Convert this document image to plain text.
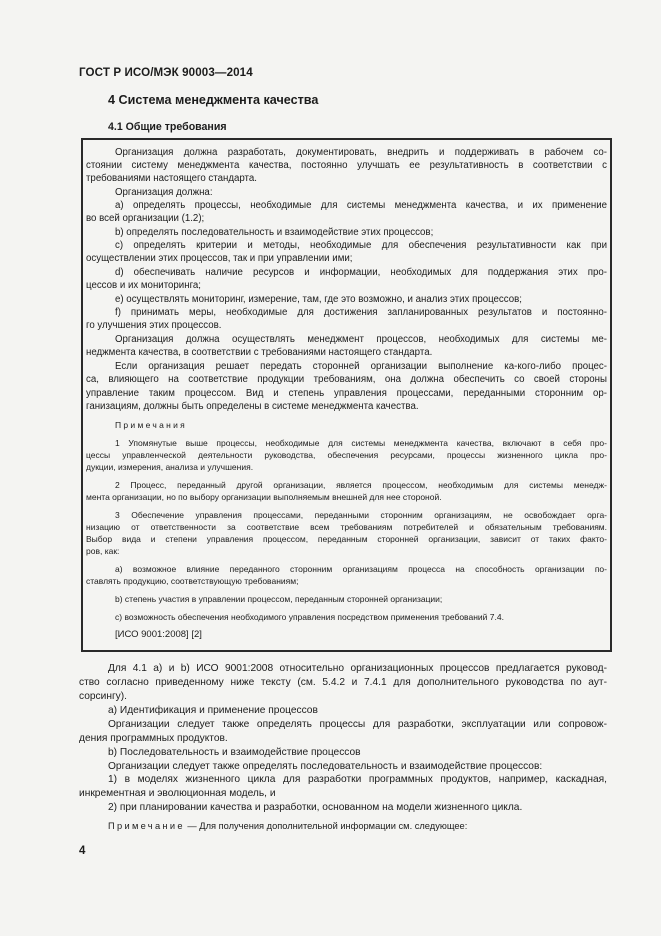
ГОСТ Р ИСО/МЭК 90003—2014
4 Система менеджмента качества
4.1 Общие требования
Организация должна разработать, документировать, внедрить и поддерживать в рабочем со-
стоянии систему менеджмента качества, постоянно улучшать ее результативность в соответствии с
требованиями настоящего стандарта.
Организация должна:
a) определять процессы, необходимые для системы менеджмента качества, и их применение
во всей организации (1.2);
b) определять последовательность и взаимодействие этих процессов;
c) определять критерии и методы, необходимые для обеспечения результативности как при
осуществлении этих процессов, так и при управлении ими;
d) обеспечивать наличие ресурсов и информации, необходимых для поддержания этих про-
цессов и их мониторинга;
e) осуществлять мониторинг, измерение, там, где это возможно, и анализ этих процессов;
f) принимать меры, необходимые для достижения запланированных результатов и постоянно-
го улучшения этих процессов.
Организация должна осуществлять менеджмент процессов, необходимых для системы ме-
неджмента качества, в соответствии с требованиями настоящего стандарта.
Если организация решает передать сторонней организации выполнение ка-кого-либо процес-
са, влияющего на соответствие продукции требованиям, она должна обеспечить со своей стороны
управление таким процессом. Вид и степень управления процессами, переданными сторонним ор-
ганизациям, должны быть определены в системе менеджмента качества.
Примечания
1 Упомянутые выше процессы, необходимые для системы менеджмента качества, включают в себя про-
цессы управленческой деятельности руководства, обеспечения ресурсами, процессы жизненного цикла про-
дукции, измерения, анализа и улучшения.
2 Процесс, переданный другой организации, является процессом, необходимым для системы менедж-
мента организации, но по выбору организации выполняемым внешней для нее стороной.
3 Обеспечение управления процессами, переданными сторонним организациям, не освобождает орга-
низацию от ответственности за соответствие всем требованиям потребителей и обязательным требованиям.
Выбор вида и степени управления процессом, переданным сторонней организации, зависит от таких факто-
ров, как:
a) возможное влияние переданного сторонним организациям процесса на способность организации по-
ставлять продукцию, соответствующую требованиям;
b) степень участия в управлении процессом, переданным сторонней организации;
c) возможность обеспечения необходимого управления посредством применения требований 7.4.
[ИСО 9001:2008] [2]
Для 4.1 a) и b) ИСО 9001:2008 относительно организационных процессов предлагается руковод-
ство согласно приведенному ниже тексту (см. 5.4.2 и 7.4.1 для дополнительного руководства по аут-
сорсингу).
a) Идентификация и применение процессов
Организации следует также определять процессы для разработки, эксплуатации или сопровож-
дения программных продуктов.
b) Последовательность и взаимодействие процессов
Организации следует также определять последовательность и взаимодействие процессов:
1) в моделях жизненного цикла для разработки программных продуктов, например, каскадная,
инкрементная и эволюционная модель, и
2) при планировании качества и разработки, основанном на модели жизненного цикла.
Примечание — Для получения дополнительной информации см. следующее:
4
